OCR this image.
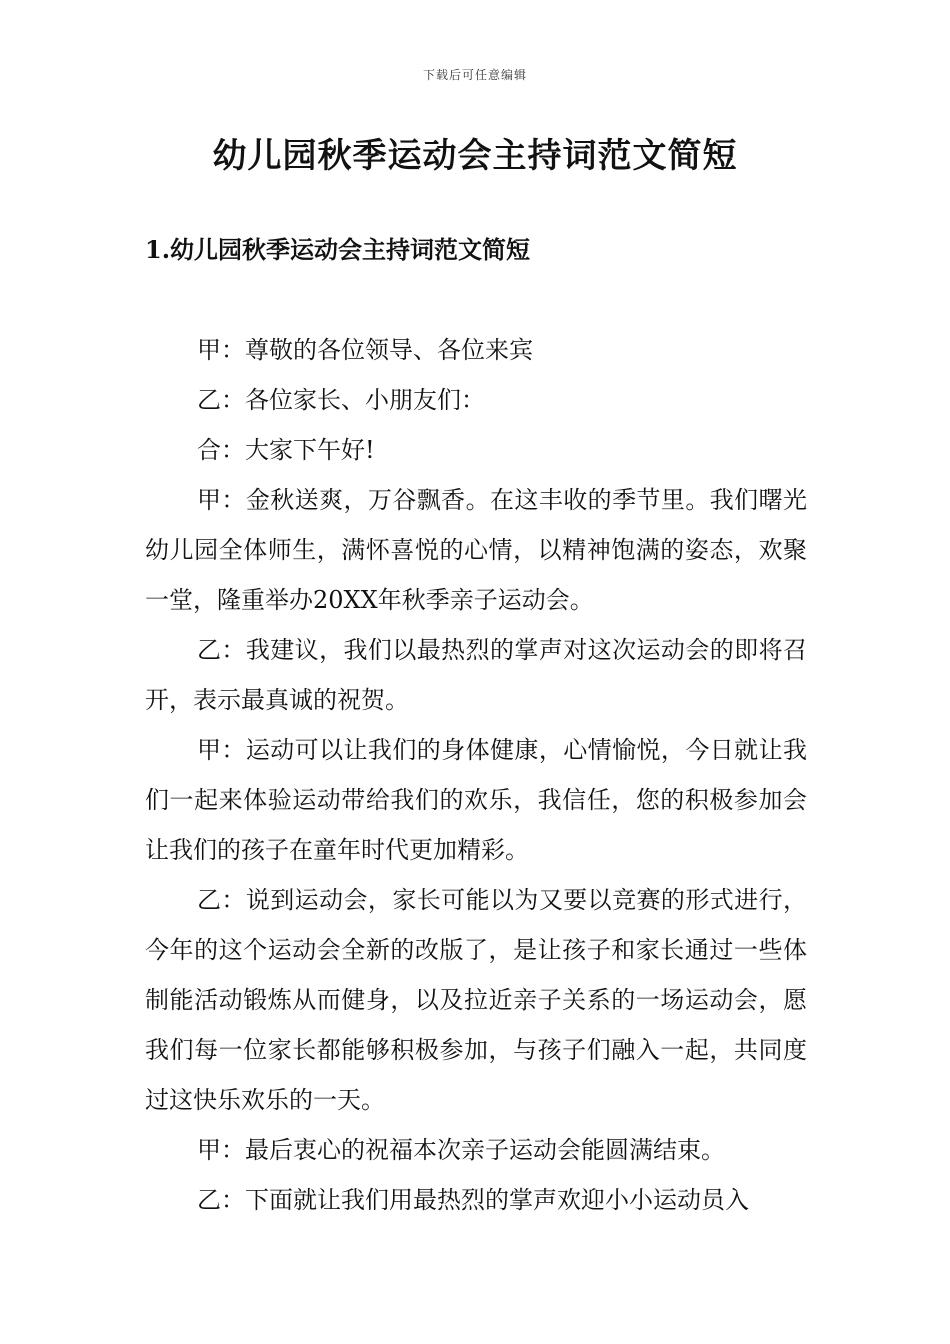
下载后可任意编辑
幼儿园秋季运动会主持词范文简短
1.幼儿园秋季运动会主持词范文简短

甲：尊敬的各位领导、各位来宾

乙：各位家长、小朋友们：

合：大家下午好!

甲：金秋送爽，万谷飘香。在这丰收的季节里。我们曙光幼儿园全体师生，满怀喜悦的心情，以精神饱满的姿态，欢聚一堂，隆重举办20XX年秋季亲子运动会。

乙：我建议，我们以最热烈的掌声对这次运动会的即将召开，表示最真诚的祝贺。

甲：运动可以让我们的身体健康，心情愉悦，今日就让我们一起来体验运动带给我们的欢乐，我信任，您的积极参加会让我们的孩子在童年时代更加精彩。

乙：说到运动会，家长可能以为又要以竞赛的形式进行，今年的这个运动会全新的改版了，是让孩子和家长通过一些体制能活动锻炼从而健身，以及拉近亲子关系的一场运动会，愿我们每一位家长都能够积极参加，与孩子们融入一起，共同度过这快乐欢乐的一天。

甲：最后衷心的祝福本次亲子运动会能圆满结束。

乙：下面就让我们用最热烈的掌声欢迎小小运动员入
